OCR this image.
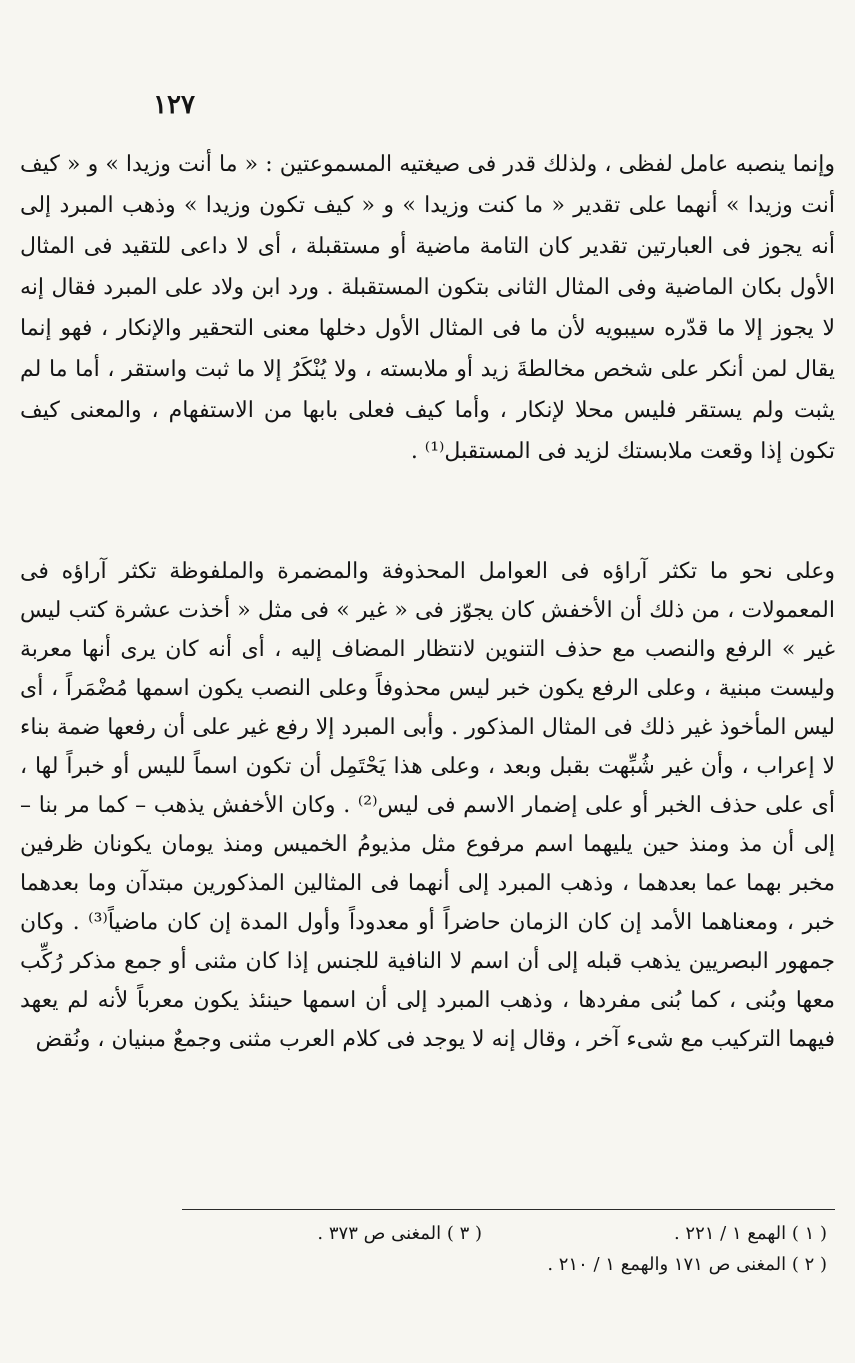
١٢٧

وإنما ينصبه عامل لفظى ، ولذلك قدر فى صيغتيه المسموعتين : « ما أنت وزيدا » و « كيف أنت وزيدا » أنهما على تقدير « ما كنت وزيدا » و « كيف تكون وزيدا » وذهب المبرد إلى أنه يجوز فى العبارتين تقدير كان التامة ماضية أو مستقبلة ، أى لا داعى للتقيد فى المثال الأول بكان الماضية وفى المثال الثانى بتكون المستقبلة . ورد ابن ولاد على المبرد فقال إنه لا يجوز إلا ما قدّره سيبويه لأن ما فى المثال الأول دخلها معنى التحقير والإنكار ، فهو إنما يقال لمن أنكر على شخص مخالطةَ زيد أو ملابسته ، ولا يُنْكَرُ إلا ما ثبت واستقر ، أما ما لم يثبت ولم يستقر فليس محلا لإنكار ، وأما كيف فعلى بابها من الاستفهام ، والمعنى كيف تكون إذا وقعت ملابستك لزيد فى المستقبل⁽¹⁾ .

وعلى نحو ما تكثر آراؤه فى العوامل المحذوفة والمضمرة والملفوظة تكثر آراؤه فى المعمولات ، من ذلك أن الأخفش كان يجوّز فى « غير » فى مثل « أخذت عشرة كتب ليس غير » الرفع والنصب مع حذف التنوين لانتظار المضاف إليه ، أى أنه كان يرى أنها معربة وليست مبنية ، وعلى الرفع يكون خبر ليس محذوفاً وعلى النصب يكون اسمها مُضْمَراً ، أى ليس المأخوذ غير ذلك فى المثال المذكور . وأبى المبرد إلا رفع غير على أن رفعها ضمة بناء لا إعراب ، وأن غير شُبِّهت بقبل وبعد ، وعلى هذا يَحْتَمِل أن تكون اسماً لليس أو خبراً لها ، أى على حذف الخبر أو على إضمار الاسم فى ليس⁽²⁾ . وكان الأخفش يذهب – كما مر بنا – إلى أن مذ ومنذ حين يليهما اسم مرفوع مثل مذيومُ الخميس ومنذ يومان يكونان ظرفين مخبر بهما عما بعدهما ، وذهب المبرد إلى أنهما فى المثالين المذكورين مبتدآن وما بعدهما خبر ، ومعناهما الأمد إن كان الزمان حاضراً أو معدوداً وأول المدة إن كان ماضياً⁽³⁾ . وكان جمهور البصريين يذهب قبله إلى أن اسم لا النافية للجنس إذا كان مثنى أو جمع مذكر رُكِّب معها وبُنى ، كما بُنى مفردها ، وذهب المبرد إلى أن اسمها حينئذ يكون معرباً لأنه لم يعهد فيهما التركيب مع شىء آخر ، وقال إنه لا يوجد فى كلام العرب مثنى وجمعٌ مبنيان ، ونُقض

( ١ ) الهمع ١ / ٢٢١ .
( ٣ ) المغنى ص ٣٧٣ .
( ٢ ) المغنى ص ١٧١ والهمع ١ / ٢١٠ .
